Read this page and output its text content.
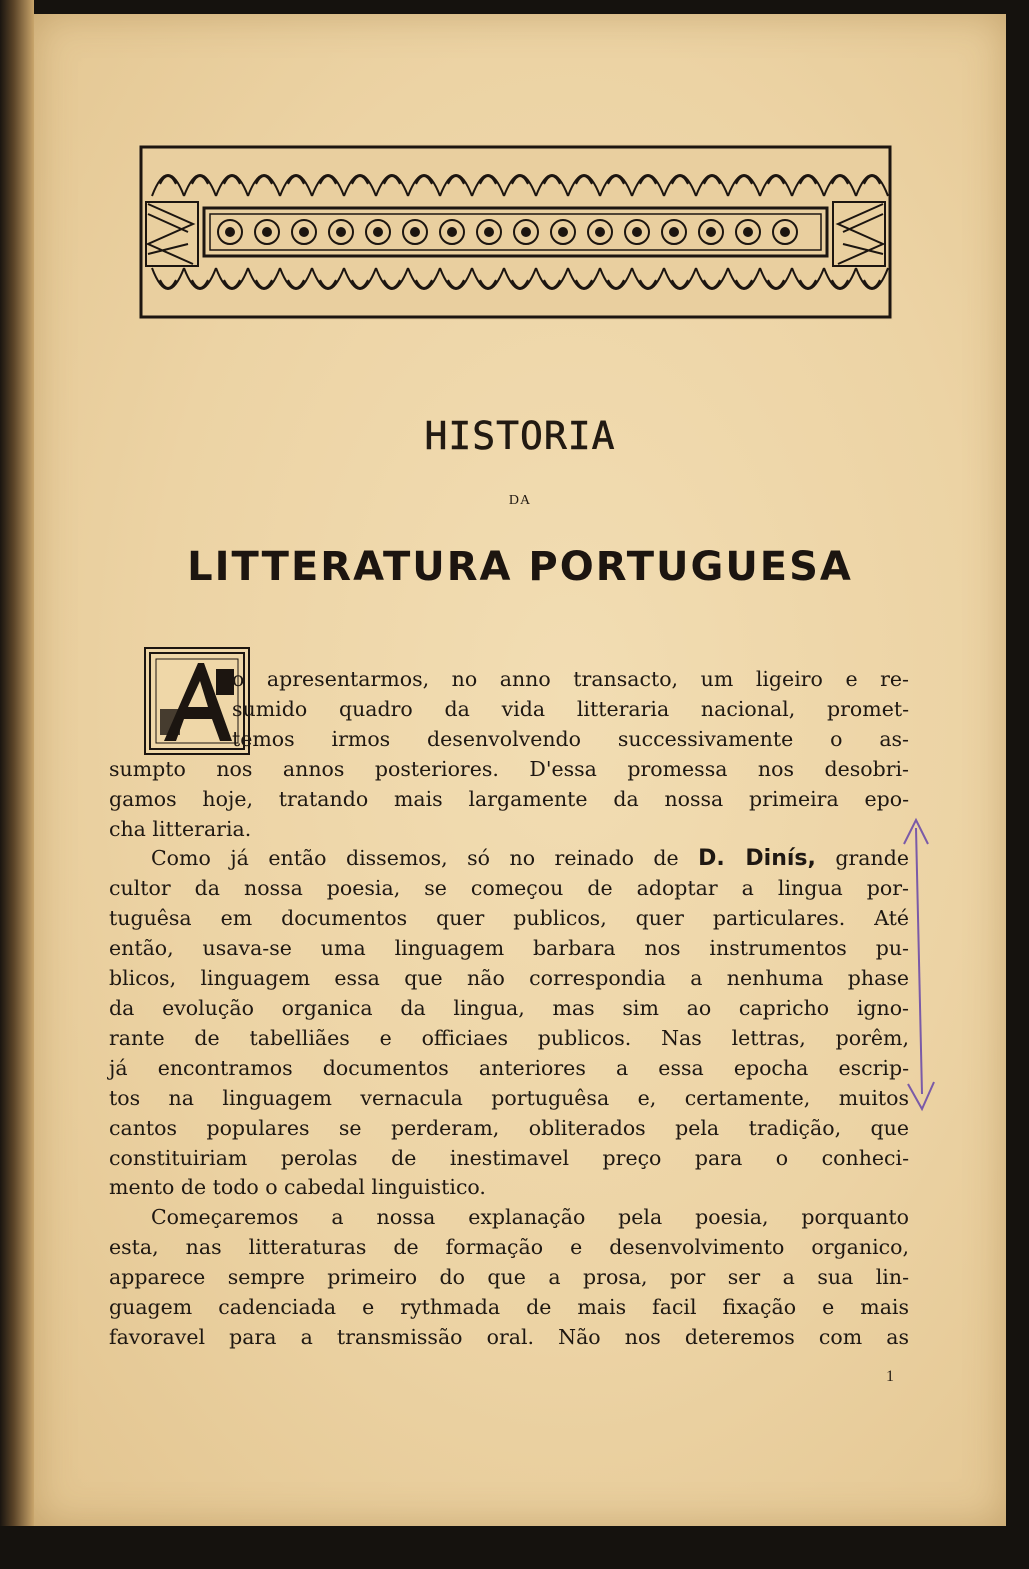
HISTORIA
DA
LITTERATURA PORTUGUESA
o apresentarmos, no anno transacto, um ligeiro e re-
sumido quadro da vida litteraria nacional, promet-
temos irmos desenvolvendo successivamente o as-
sumpto nos annos posteriores. D'essa promessa nos desobri-
gamos hoje, tratando mais largamente da nossa primeira epo-
cha litteraria.
Como já então dissemos, só no reinado de D. Dinís, grande
cultor da nossa poesia, se começou de adoptar a lingua por-
tuguêsa em documentos quer publicos, quer particulares. Até
então, usava-se uma linguagem barbara nos instrumentos pu-
blicos, linguagem essa que não correspondia a nenhuma phase
da evolução organica da lingua, mas sim ao capricho igno-
rante de tabelliães e officiaes publicos. Nas lettras, porêm,
já encontramos documentos anteriores a essa epocha escrip-
tos na linguagem vernacula portuguêsa e, certamente, muitos
cantos populares se perderam, obliterados pela tradição, que
constituiriam perolas de inestimavel preço para o conheci-
mento de todo o cabedal linguistico.
Começaremos a nossa explanação pela poesia, porquanto
esta, nas litteraturas de formação e desenvolvimento organico,
apparece sempre primeiro do que a prosa, por ser a sua lin-
guagem cadenciada e rythmada de mais facil fixação e mais
favoravel para a transmissão oral. Não nos deteremos com as
1
